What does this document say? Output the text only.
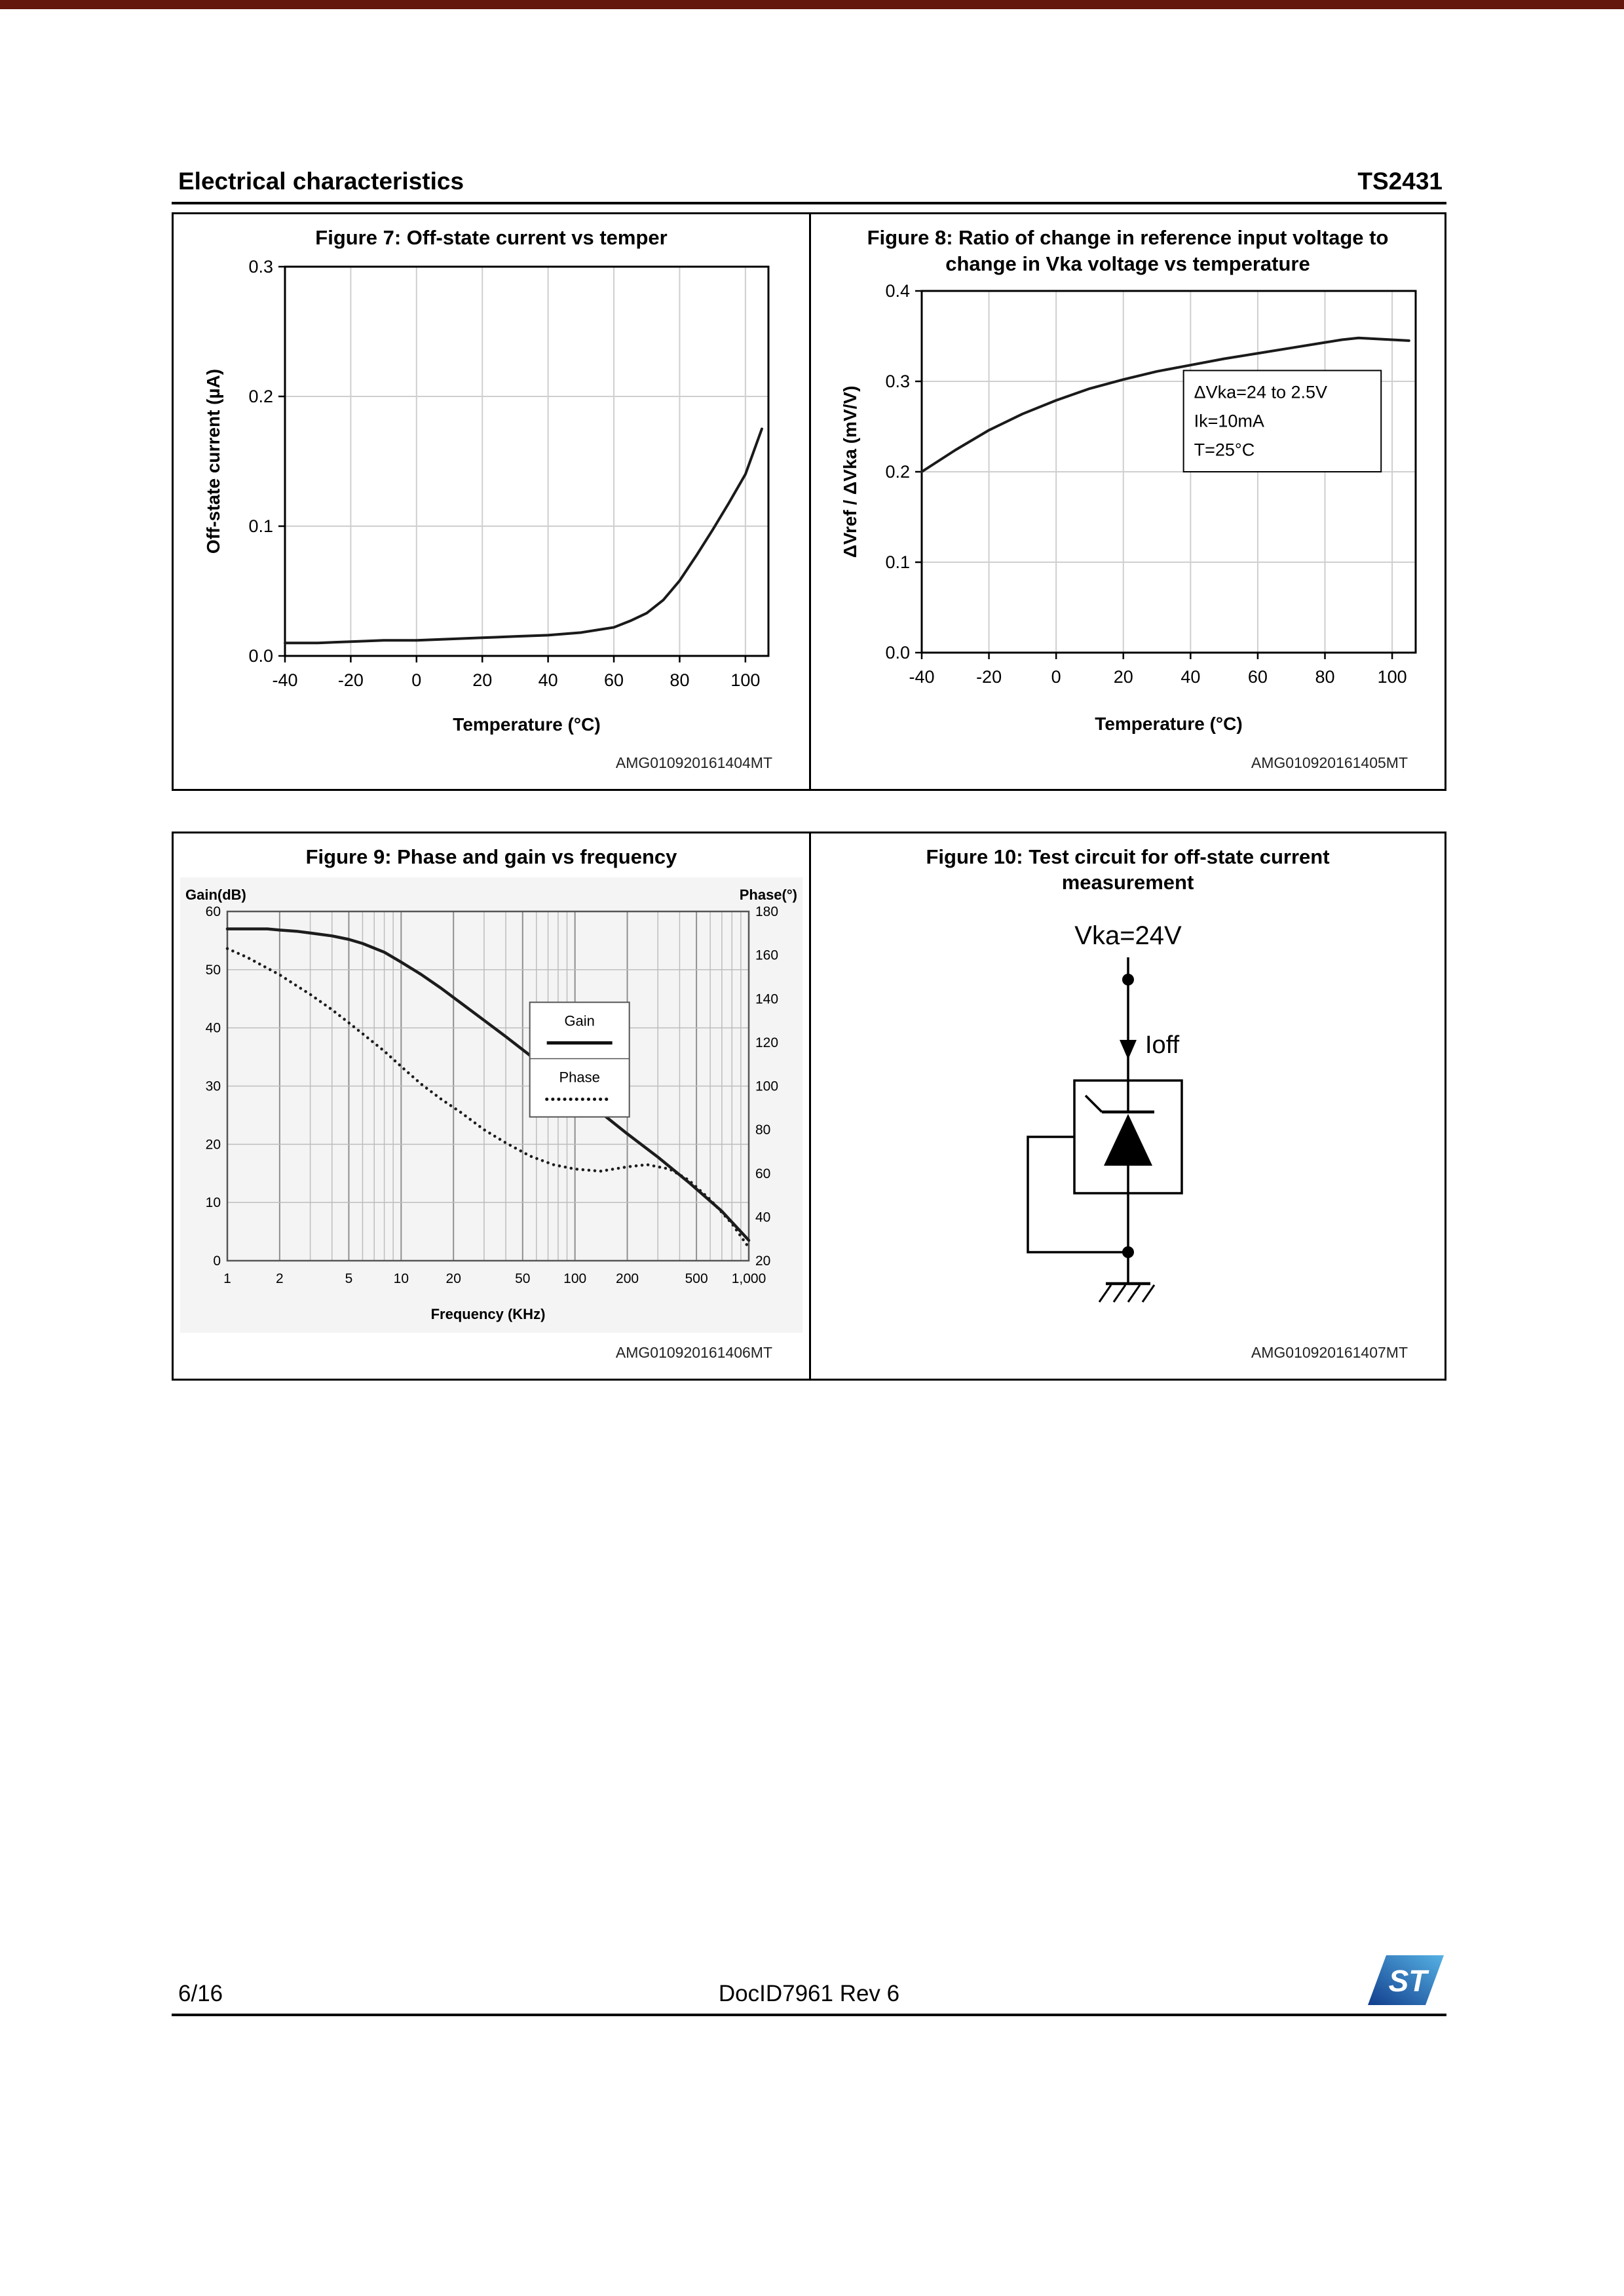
Electrical characteristics	TS2431
Figure 7: Off-state current vs temper
-40 -20	0	20	40	60	80 100
0.0
0.1
0.2
0.3
Temperature (°C)
Off-state current (µA)
AMG010920161404MT
Figure 8: Ratio of change in reference input voltage to change in Vka voltage vs temperature
-40 -20	0	20	40	60	80 100
0.0
0.1
0.2
0.3
0.4
Temperature (°C)
ΔVref / ΔVka (mV/V)	ΔVka=24 to 2.5V
Ik=10mA
T=25°C
AMG010920161405MT
Figure 9: Phase and gain vs frequency
1	2	5	10	20	50 100 200	500 1,000
0
10
20
30
40
50
60
20
40
60
80
100
120
140
160
180
Gain(dB)	Phase(°)
Frequency (KHz)
Gain
Phase
AMG010920161406MT
Figure 10: Test circuit for off-state current measurement
Vka=24V
Ioff
AMG010920161407MT
6/16	DocID7961 Rev 6	ST
